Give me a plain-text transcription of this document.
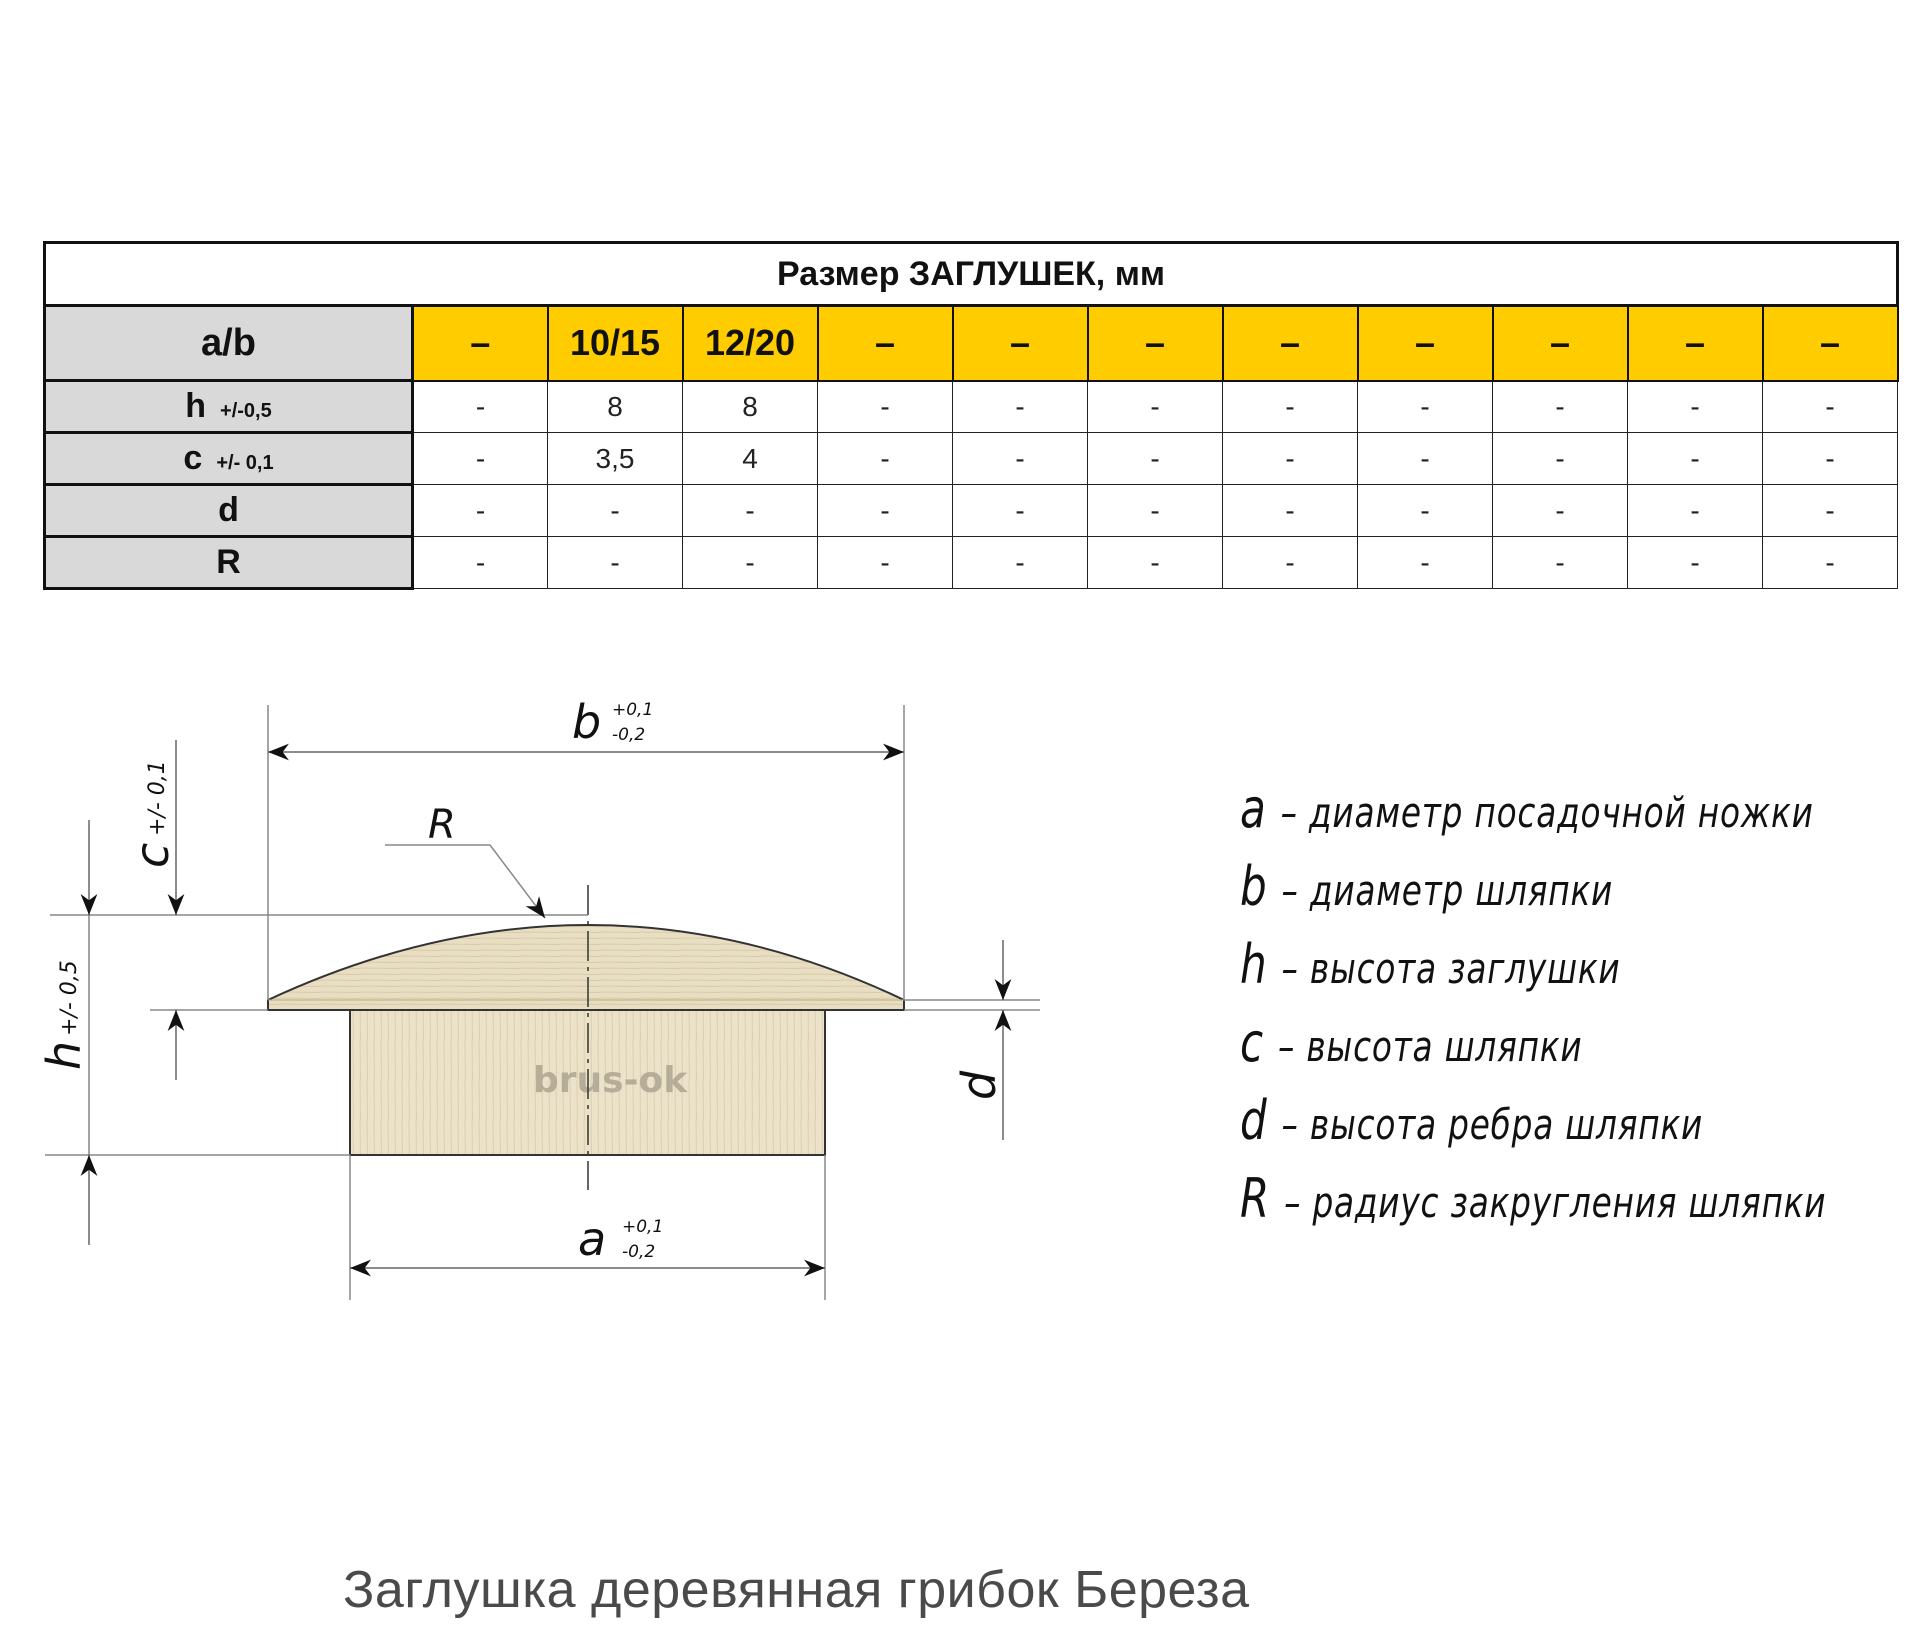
Размер ЗАГЛУШЕК, мм											
a/b	–	10/15	12/20	–	–	–	–	–	–	–	–
h +/-0,5	-	8	8	-	-	-	-	-	-	-	-
c +/- 0,1	-	3,5	4	-	-	-	-	-	-	-	-
d	-	-	-	-	-	-	-	-	-	-	-
R	-	-	-	-	-	-	-	-	-	-	-
brus-ok
b +0,1
-0,2
a +0,1
-0,2
h
+/- 0,5
c
+/- 0,1
d
R	a – диаметр посадочной ножки
b – диаметр шляпки
h – высота заглушки
c – высота шляпки
d – высота ребра шляпки
R – радиус закругления шляпки
Заглушка деревянная грибок Береза
